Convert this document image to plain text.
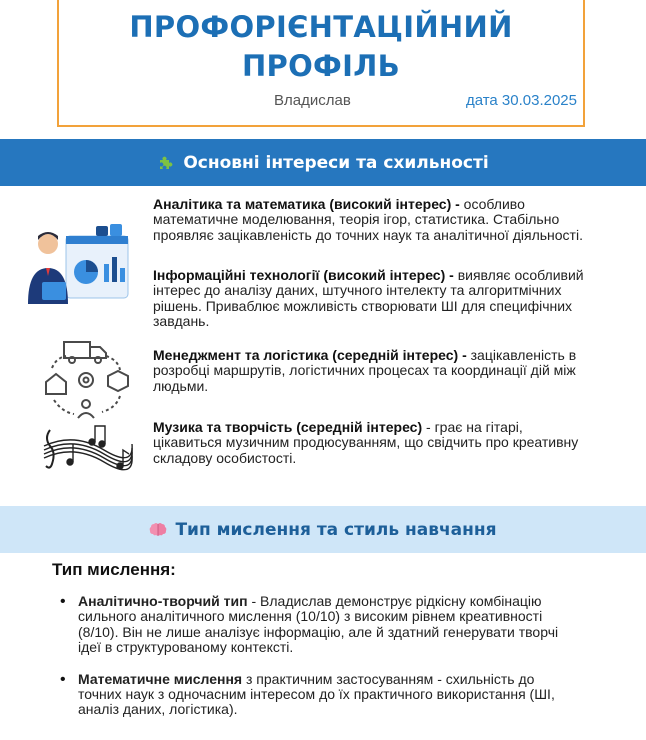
ПРОФОРІЄНТАЦІЙНИЙ
ПРОФІЛЬ
Владислав	дата 30.03.2025
Основні інтереси та схильності
Аналітика та математика (високий інтерес) - особливо математичне моделювання, теорія ігор, статистика. Стабільно проявляє зацікавленість до точних наук та аналітичної діяльності.
Інформаційні технології (високий інтерес) - виявляє особливий інтерес до аналізу даних, штучного інтелекту та алгоритмічних рішень. Приваблює можливість створювати ШІ для специфічних завдань.
Менеджмент та логістика (середній інтерес) - зацікавленість в розробці маршрутів, логістичних процесах та координації дій між людьми.
Музика та творчість (середній інтерес) - грає на гітарі, цікавиться музичним продюсуванням, що свідчить про креативну складову особистості.
Тип мислення та стиль навчання
Тип мислення:
• Аналітично-творчий тип - Владислав демонструє рідкісну комбінацію сильного аналітичного мислення (10/10) з високим рівнем креативності (8/10). Він не лише аналізує інформацію, але й здатний генерувати творчі ідеї в структурованому контексті.
• Математичне мислення з практичним застосуванням - схильність до точних наук з одночасним інтересом до їх практичного використання (ШІ, аналіз даних, логістика).
